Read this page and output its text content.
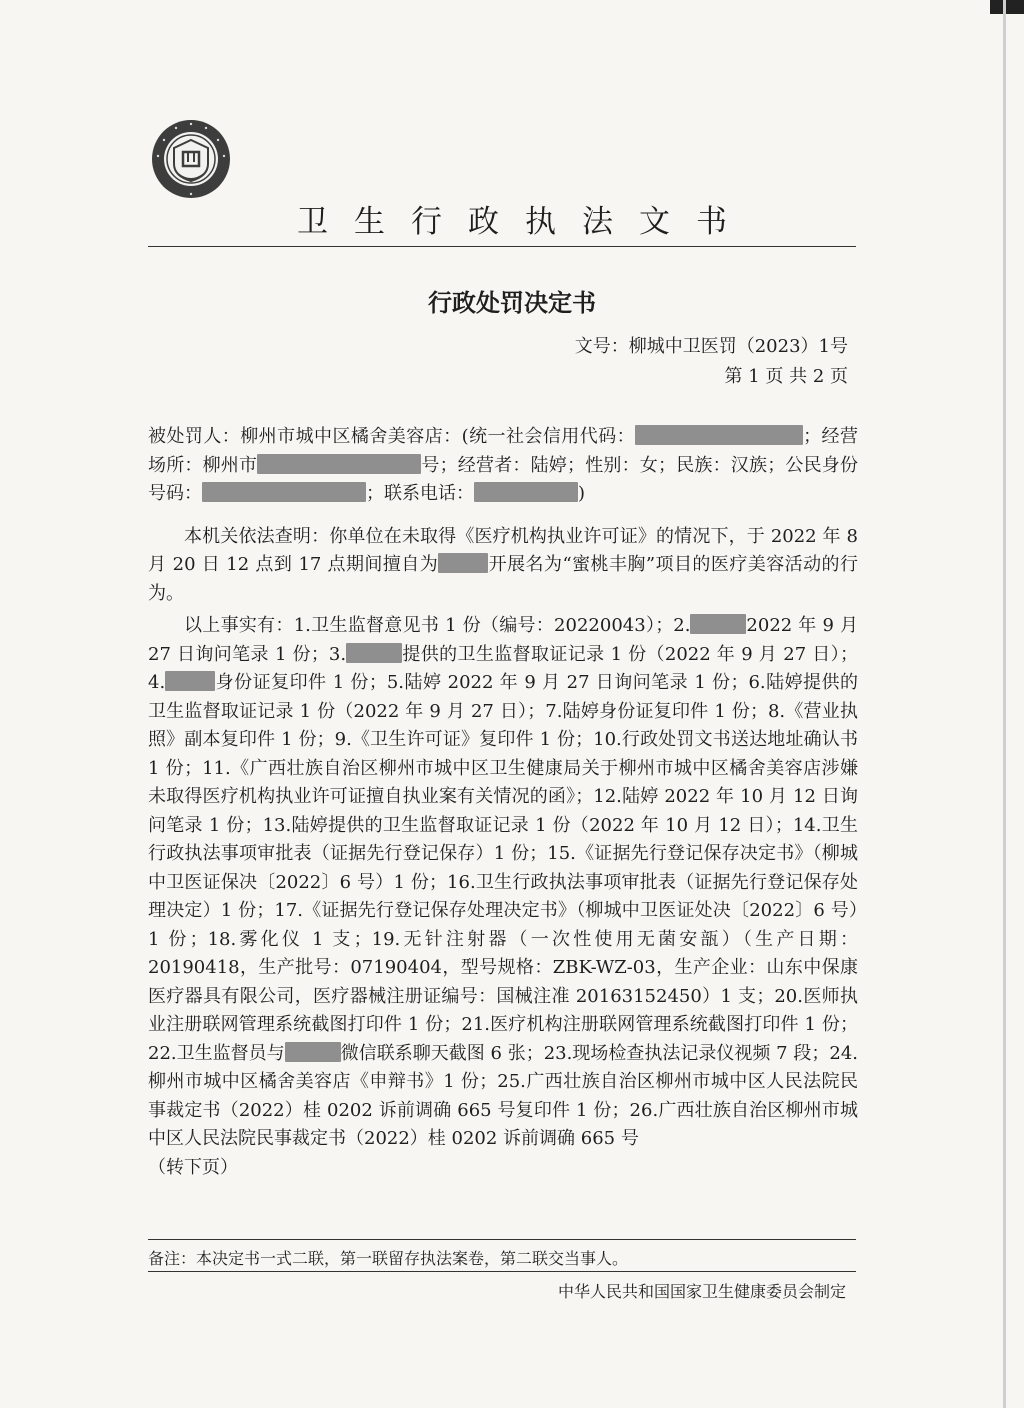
卫生行政执法文书
行政处罚决定书
文号：柳城中卫医罚（2023）1号
第 1 页 共 2 页

被处罚人：柳州市城中区橘舍美容店：(统一社会信用代码：	；经营场所：柳州市	号；经营者：陆婷；性别：女；民族：汉族；公民身份号码：	；联系电话：	)

本机关依法查明：你单位在未取得《医疗机构执业许可证》的情况下，于 2022 年 8 月 20 日 12 点到 17 点期间擅自为	开展名为“蜜桃丰胸”项目的医疗美容活动的行为。

以上事实有：1.卫生监督意见书 1 份（编号：20220043）；2.	2022 年 9 月 27 日询问笔录 1 份；3.	提供的卫生监督取证记录 1 份（2022 年 9 月 27 日）；4.	身份证复印件 1 份；5.陆婷 2022 年 9 月 27 日询问笔录 1 份；6.陆婷提供的卫生监督取证记录 1 份（2022 年 9 月 27 日）；7.陆婷身份证复印件 1 份；8.《营业执照》副本复印件 1 份；9.《卫生许可证》复印件 1 份；10.行政处罚文书送达地址确认书 1 份；11.《广西壮族自治区柳州市城中区卫生健康局关于柳州市城中区橘舍美容店涉嫌未取得医疗机构执业许可证擅自执业案有关情况的函》；12.陆婷 2022 年 10 月 12 日询问笔录 1 份；13.陆婷提供的卫生监督取证记录 1 份（2022 年 10 月 12 日）；14.卫生行政执法事项审批表（证据先行登记保存）1 份；15.《证据先行登记保存决定书》（柳城中卫医证保决〔2022〕6 号）1 份；16.卫生行政执法事项审批表（证据先行登记保存处理决定）1 份；17.《证据先行登记保存处理决定书》（柳城中卫医证处决〔2022〕6 号）1 份；18.雾化仪 1 支；19.无针注射器（一次性使用无菌安瓿）（生产日期：20190418，生产批号：07190404，型号规格：ZBK-WZ-03，生产企业：山东中保康医疗器具有限公司，医疗器械注册证编号：国械注准 20163152450）1 支；20.医师执业注册联网管理系统截图打印件 1 份；21.医疗机构注册联网管理系统截图打印件 1 份；22.卫生监督员与	微信联系聊天截图 6 张；23.现场检查执法记录仪视频 7 段；24.柳州市城中区橘舍美容店《申辩书》1 份；25.广西壮族自治区柳州市城中区人民法院民事裁定书（2022）桂 0202 诉前调确 665 号复印件 1 份；26.广西壮族自治区柳州市城中区人民法院民事裁定书（2022）桂 0202 诉前调确 665 号

（转下页）

备注：本决定书一式二联，第一联留存执法案卷，第二联交当事人。
中华人民共和国国家卫生健康委员会制定
